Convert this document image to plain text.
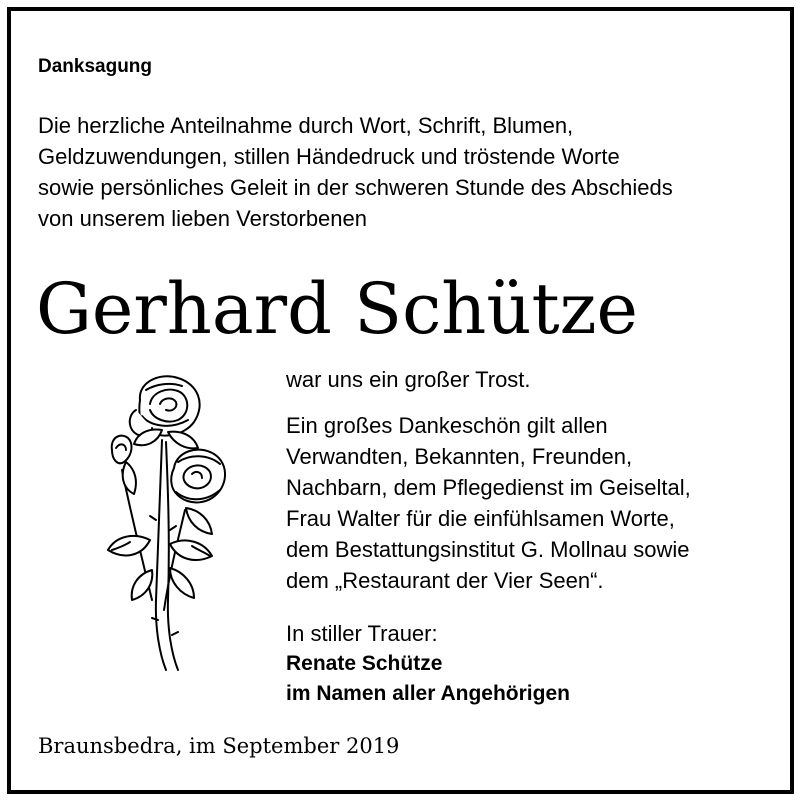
Danksagung
Die herzliche Anteilnahme durch Wort, Schrift, Blumen,
Geldzuwendungen, stillen Händedruck und tröstende Worte
sowie persönliches Geleit in der schweren Stunde des Abschieds
von unserem lieben Verstorbenen
Gerhard Schütze
war uns ein großer Trost.
Ein großes Dankeschön gilt allen
Verwandten, Bekannten, Freunden,
Nachbarn, dem Pflegedienst im Geiseltal,
Frau Walter für die einfühlsamen Worte,
dem Bestattungsinstitut G. Mollnau sowie
dem „Restaurant der Vier Seen“.
In stiller Trauer:
Renate Schütze
im Namen aller Angehörigen
Braunsbedra, im September 2019
